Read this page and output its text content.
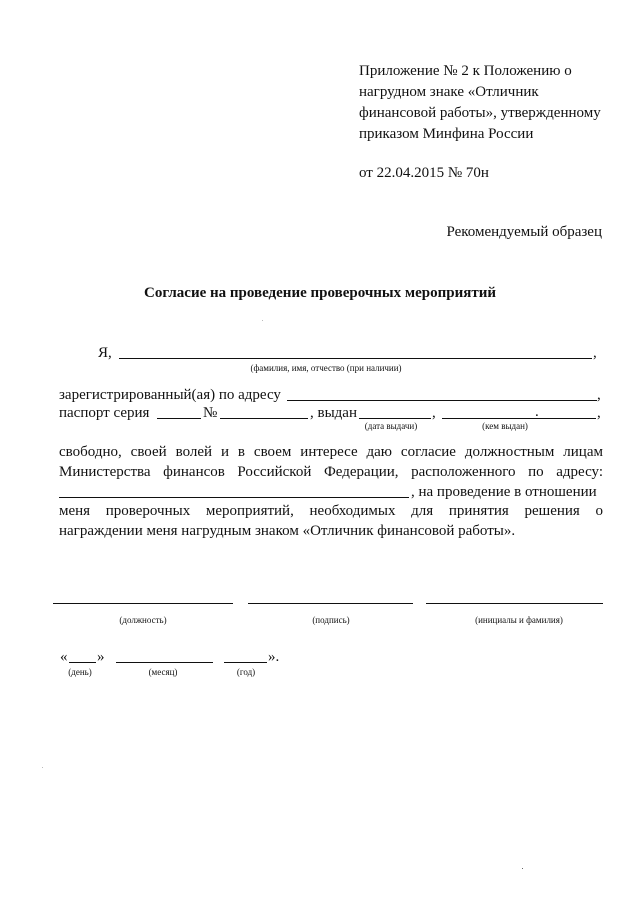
Приложение № 2 к Положению о
нагрудном знаке «Отличник
финансовой работы», утвержденному
приказом Минфина России
от 22.04.2015 № 70н
Рекомендуемый образец
Согласие на проведение проверочных мероприятий
Я,	,
(фамилия, имя, отчество (при наличии)
зарегистрированный(ая) по адресу	,
паспорт серия	№	, выдан	,	.	,
(дата выдачи)	(кем выдан)
свободно, своей волей и в своем интересе даю согласие должностным лицам
Министерства финансов Российской Федерации, расположенного по адресу:
, на проведение в отношении
меня проверочных мероприятий, необходимых для принятия решения о
награждении меня нагрудным знаком «Отличник финансовой работы».
(должность)	(подпись)	(инициалы и фамилия)
« »	».
(день)	(месяц)	(год)
